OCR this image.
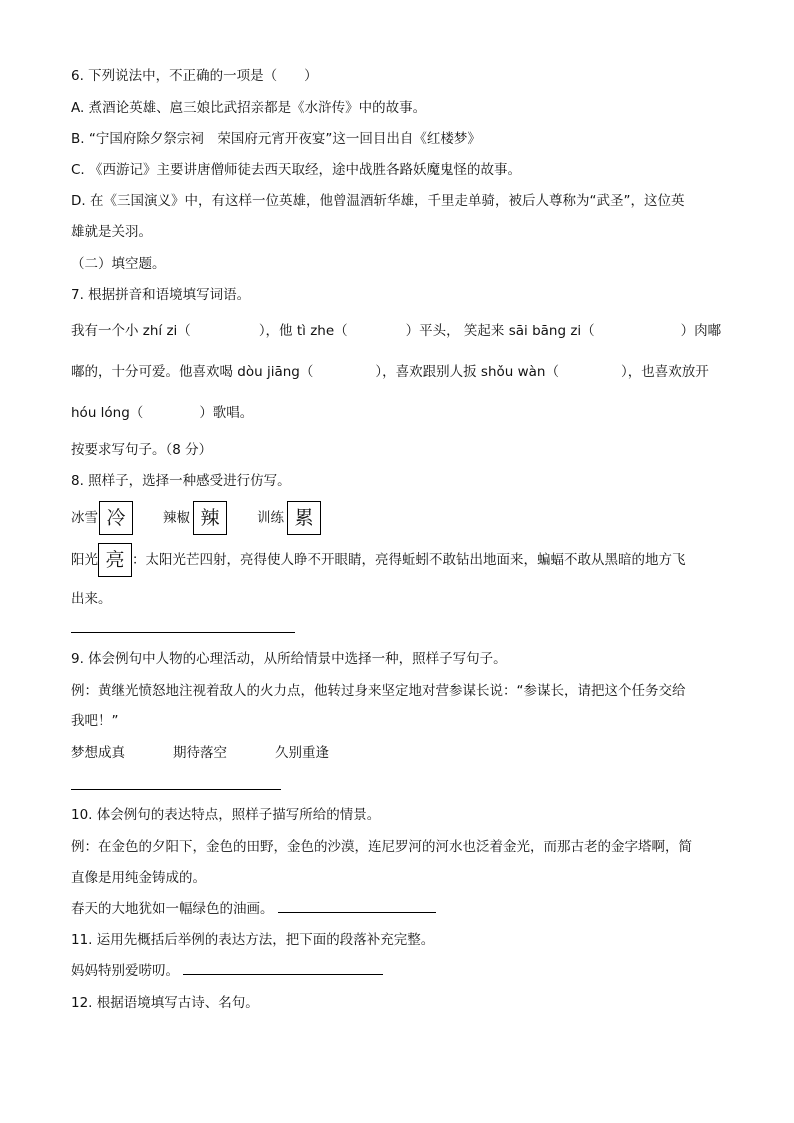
6. 下列说法中，不正确的一项是（　　）
A. 煮酒论英雄、扈三娘比武招亲都是《水浒传》中的故事。
B. “宁国府除夕祭宗祠　荣国府元宵开夜宴”这一回目出自《红楼梦》
C. 《西游记》主要讲唐僧师徒去西天取经，途中战胜各路妖魔鬼怪的故事。
D. 在《三国演义》中，有这样一位英雄，他曾温酒斩华雄，千里走单骑，被后人尊称为“武圣”，这位英
雄就是关羽。
（二）填空题。
7. 根据拼音和语境填写词语。
我有一个小 zhí zi（	），他 tì zhe（	）平头， 笑起来 sāi bāng zi（	）肉嘟
嘟的，十分可爱。他喜欢喝 dòu jiāng（	），喜欢跟别人扳 shǒu wàn（	），也喜欢放开
hóu lóng（	）歌唱。
按要求写句子。（8 分）
8. 照样子，选择一种感受进行仿写。
冰雪 冷	辣椒 辣	训练 累
阳光 亮 ：太阳光芒四射，亮得使人睁不开眼睛，亮得蚯蚓不敢钻出地面来，蝙蝠不敢从黑暗的地方飞
出来。
9. 体会例句中人物的心理活动，从所给情景中选择一种，照样子写句子。
例：黄继光愤怒地注视着敌人的火力点，他转过身来坚定地对营参谋长说：“参谋长，请把这个任务交给
我吧！”
梦想成真	期待落空	久别重逢
10. 体会例句的表达特点，照样子描写所给的情景。
例：在金色的夕阳下，金色的田野，金色的沙漠，连尼罗河的河水也泛着金光，而那古老的金字塔啊，简
直像是用纯金铸成的。
春天的大地犹如一幅绿色的油画。
11. 运用先概括后举例的表达方法，把下面的段落补充完整。
妈妈特别爱唠叨。
12. 根据语境填写古诗、名句。
